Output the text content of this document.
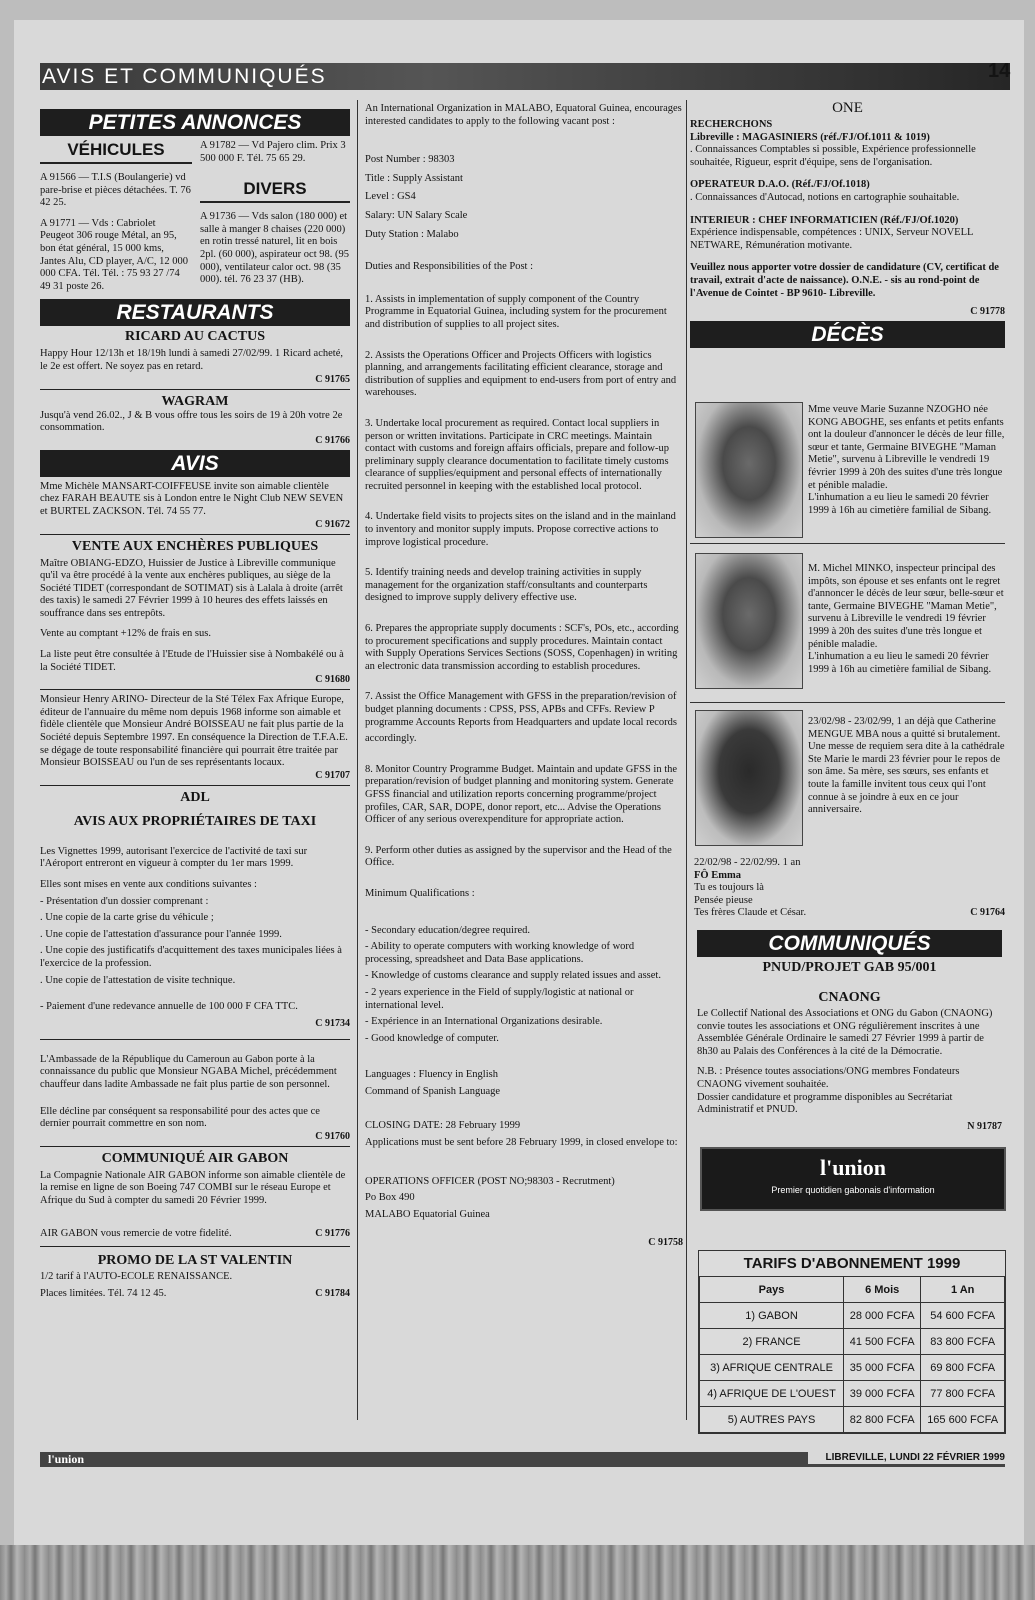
AVIS ET COMMUNIQUÉS	14
PETITES ANNONCES
VÉHICULES

A 91566 — T.I.S (Boulangerie) vd pare-brise et pièces détachées. T. 76 42 25.

A 91771 — Vds : Cabriolet Peugeot 306 rouge Métal, an 95, bon état général, 15 000 kms, Jantes Alu, CD player, A/C, 12 000 000 CFA. Tél. Tél. : 75 93 27 /74 49 31 poste 26.

A 91782 — Vd Pajero clim. Prix 3 500 000 F. Tél. 75 65 29.

DIVERS

A 91736 — Vds salon (180 000) et salle à manger 8 chaises (220 000) en rotin tressé naturel, lit en bois 2pl. (60 000), aspirateur oct 98. (95 000), ventilateur calor oct. 98 (35 000). tél. 76 23 37 (HB).

RESTAURANTS
RICARD AU CACTUS

Happy Hour 12/13h et 18/19h lundi à samedi 27/02/99. 1 Ricard acheté, le 2e est offert. Ne soyez pas en retard.

C 91765

WAGRAM

Jusqu'à vend 26.02., J & B vous offre tous les soirs de 19 à 20h votre 2e consommation.

C 91766

AVIS

Mme Michèle MANSART-COIFFEUSE invite son aimable clientèle chez FARAH BEAUTE sis à London entre le Night Club NEW SEVEN et BURTEL ZACKSON. Tél. 74 55 77.

C 91672

VENTE AUX ENCHÈRES PUBLIQUES

Maître OBIANG-EDZO, Huissier de Justice à Libreville communique qu'il va être procédé à la vente aux enchères publiques, au siège de la Société TIDET (correspondant de SOTIMAT) sis à Lalala à droite (arrêt des taxis) le samedi 27 Février 1999 à 10 heures des effets laissés en souffrance dans ses entrepôts.

Vente au comptant +12% de frais en sus.

La liste peut être consultée à l'Etude de l'Huissier sise à Nombakélé ou à la Société TIDET.

C 91680

Monsieur Henry ARINO- Directeur de la Sté Télex Fax Afrique Europe, éditeur de l'annuaire du même nom depuis 1968 informe son aimable et fidèle clientèle que Monsieur André BOISSEAU ne fait plus partie de la Société depuis Septembre 1997. En conséquence la Direction de T.F.A.E. se dégage de toute responsabilité financière qui pourrait être traitée par Monsieur BOISSEAU ou l'un de ses représentants locaux.

C 91707

ADL
AVIS AUX PROPRIÉTAIRES DE TAXI

Les Vignettes 1999, autorisant l'exercice de l'activité de taxi sur l'Aéroport entreront en vigueur à compter du 1er mars 1999.

Elles sont mises en vente aux conditions suivantes :

- Présentation d'un dossier comprenant :

. Une copie de la carte grise du véhicule ;

. Une copie de l'attestation d'assurance pour l'année 1999.

. Une copie des justificatifs d'acquittement des taxes municipales liées à l'exercice de la profession.

. Une copie de l'attestation de visite technique.

- Paiement d'une redevance annuelle de 100 000 F CFA TTC.

C 91734

L'Ambassade de la République du Cameroun au Gabon porte à la connaissance du public que Monsieur NGABA Michel, précédemment chauffeur dans ladite Ambassade ne fait plus partie de son personnel.

Elle décline par conséquent sa responsabilité pour des actes que ce dernier pourrait commettre en son nom.

C 91760

COMMUNIQUÉ AIR GABON

La Compagnie Nationale AIR GABON informe son aimable clientèle de la remise en ligne de son Boeing 747 COMBI sur le réseau Europe et Afrique du Sud à compter du samedi 20 Février 1999.

AIR GABON vous remercie de votre fidelité.	C 91776

PROMO DE LA ST VALENTIN

1/2 tarif à l'AUTO-ECOLE RENAISSANCE.

Places limitées. Tél. 74 12 45.	C 91784

An International Organization in MALABO, Equatoral Guinea, encourages interested candidates to apply to the following vacant post :

Post Number : 98303

Title : Supply Assistant

Level : GS4

Salary: UN Salary Scale

Duty Station : Malabo

Duties and Responsibilities of the Post :

1. Assists in implementation of supply component of the Country Programme in Equatorial Guinea, including system for the procurement and distribution of supplies to all project sites.

2. Assists the Operations Officer and Projects Officers with logistics planning, and arrangements facilitating efficient clearance, storage and distribution of supplies and equipment to end-users from port of entry and warehouses.

3. Undertake local procurement as required. Contact local suppliers in person or written invitations. Participate in CRC meetings. Maintain contact with customs and foreign affairs officials, prepare and follow-up preliminary supply clearance documentation to facilitate timely customs clearance of supplies/equipment and personal effects of internationally recruited personnel in keeping with the established local protocol.

4. Undertake field visits to projects sites on the island and in the mainland to inventory and monitor supply imputs. Propose corrective actions to improve logistical procedure.

5. Identify training needs and develop training activities in supply management for the organization staff/consultants and counterparts designed to improve supply delivery effective use.

6. Prepares the appropriate supply documents : SCF's, POs, etc., according to procurement specifications and supply procedures. Maintain contact with Supply Operations Services Sections (SOSS, Copenhagen) in writing an electronic data transmission according to establish procedures.

7. Assist the Office Management with GFSS in the preparation/revision of budget planning documents : CPSS, PSS, APBs and CFFs. Review P programme Accounts Reports from Headquarters and update local records

accordingly.

8. Monitor Country Programme Budget. Maintain and update GFSS in the preparation/revision of budget planning and monitoring system. Generate GFSS financial and utilization reports concerning programme/project profiles, CAR, SAR, DOPE, donor report, etc... Advise the Operations Officer of any serious overexpenditure for appropriate action.

9. Perform other duties as assigned by the supervisor and the Head of the Office.

Minimum Qualifications :

- Secondary education/degree required.

- Ability to operate computers with working knowledge of word processing, spreadsheet and Data Base applications.

- Knowledge of customs clearance and supply related issues and asset.

- 2 years experience in the Field of supply/logistic at national or international level.

- Expérience in an International Organizations desirable.

- Good knowledge of computer.

Languages : Fluency in English

Command of Spanish Language

CLOSING DATE: 28 February 1999

Applications must be sent before 28 February 1999, in closed envelope to:

OPERATIONS OFFICER (POST NO;98303 - Recrutment)

Po Box 490

MALABO Equatorial Guinea

C 91758

ONE

RECHERCHONS

Libreville : MAGASINIERS (réf./FJ/Of.1011 & 1019)

. Connaissances Comptables si possible, Expérience professionnelle souhaitée, Rigueur, esprit d'équipe, sens de l'organisation.

OPERATEUR D.A.O. (Réf./FJ/Of.1018)

. Connaissances d'Autocad, notions en cartographie souhaitable.

INTERIEUR : CHEF INFORMATICIEN (Réf./FJ/Of.1020)

Expérience indispensable, compétences : UNIX, Serveur NOVELL NETWARE, Rémunération motivante.

Veuillez nous apporter votre dossier de candidature (CV, certificat de travail, extrait d'acte de naissance). O.N.E. - sis au rond-point de l'Avenue de Cointet - BP 9610- Libreville.

C 91778

DÉCÈS

Mme veuve Marie Suzanne NZOGHO née KONG ABOGHE, ses enfants et petits enfants ont la douleur d'annoncer le décès de leur fille, sœur et tante, Germaine BIVEGHE "Maman Metie", survenu à Libreville le vendredi 19 février 1999 à 20h des suites d'une très longue et pénible maladie.

L'inhumation a eu lieu le samedi 20 février 1999 à 16h au cimetière familial de Sibang.

M. Michel MINKO, inspecteur principal des impôts, son épouse et ses enfants ont le regret d'annoncer le décès de leur sœur, belle-sœur et tante, Germaine BIVEGHE "Maman Metie", survenu à Libreville le vendredi 19 février 1999 à 20h des suites d'une très longue et pénible maladie.

L'inhumation a eu lieu le samedi 20 février 1999 à 16h au cimetière familial de Sibang.

23/02/98 - 23/02/99, 1 an déjà que Catherine MENGUE MBA nous a quitté si brutalement. Une messe de requiem sera dite à la cathédrale Ste Marie le mardi 23 février pour le repos de son âme. Sa mère, ses sœurs, ses enfants et toute la famille invitent tous ceux qui l'ont connue à se joindre à eux en ce jour anniversaire.

22/02/98 - 22/02/99. 1 an

FÔ Emma

Tu es toujours là

Pensée pieuse

Tes frères Claude et César.	C 91764

COMMUNIQUÉS
PNUD/PROJET GAB 95/001
CNAONG

Le Collectif National des Associations et ONG du Gabon (CNAONG) convie toutes les associations et ONG régulièrement inscrites à une Assemblée Générale Ordinaire le samedi 27 Février 1999 à partir de 8h30 au Palais des Conférences à la cité de la Démocratie.

N.B. : Présence toutes associations/ONG membres Fondateurs CNAONG vivement souhaitée.

Dossier candidature et programme disponibles au Secrétariat Administratif et PNUD.

N 91787

l'union
Premier quotidien gabonais d'information
TARIFS D'ABONNEMENT 1999
Pays	6 Mois	1 An
1) GABON	28 000 FCFA	54 600 FCFA
2) FRANCE	41 500 FCFA	83 800 FCFA
3) AFRIQUE CENTRALE	35 000 FCFA	69 800 FCFA
4) AFRIQUE DE L'OUEST	39 000 FCFA	77 800 FCFA
5) AUTRES PAYS	82 800 FCFA	165 600 FCFA
l'union	LIBREVILLE, LUNDI 22 FÉVRIER 1999
